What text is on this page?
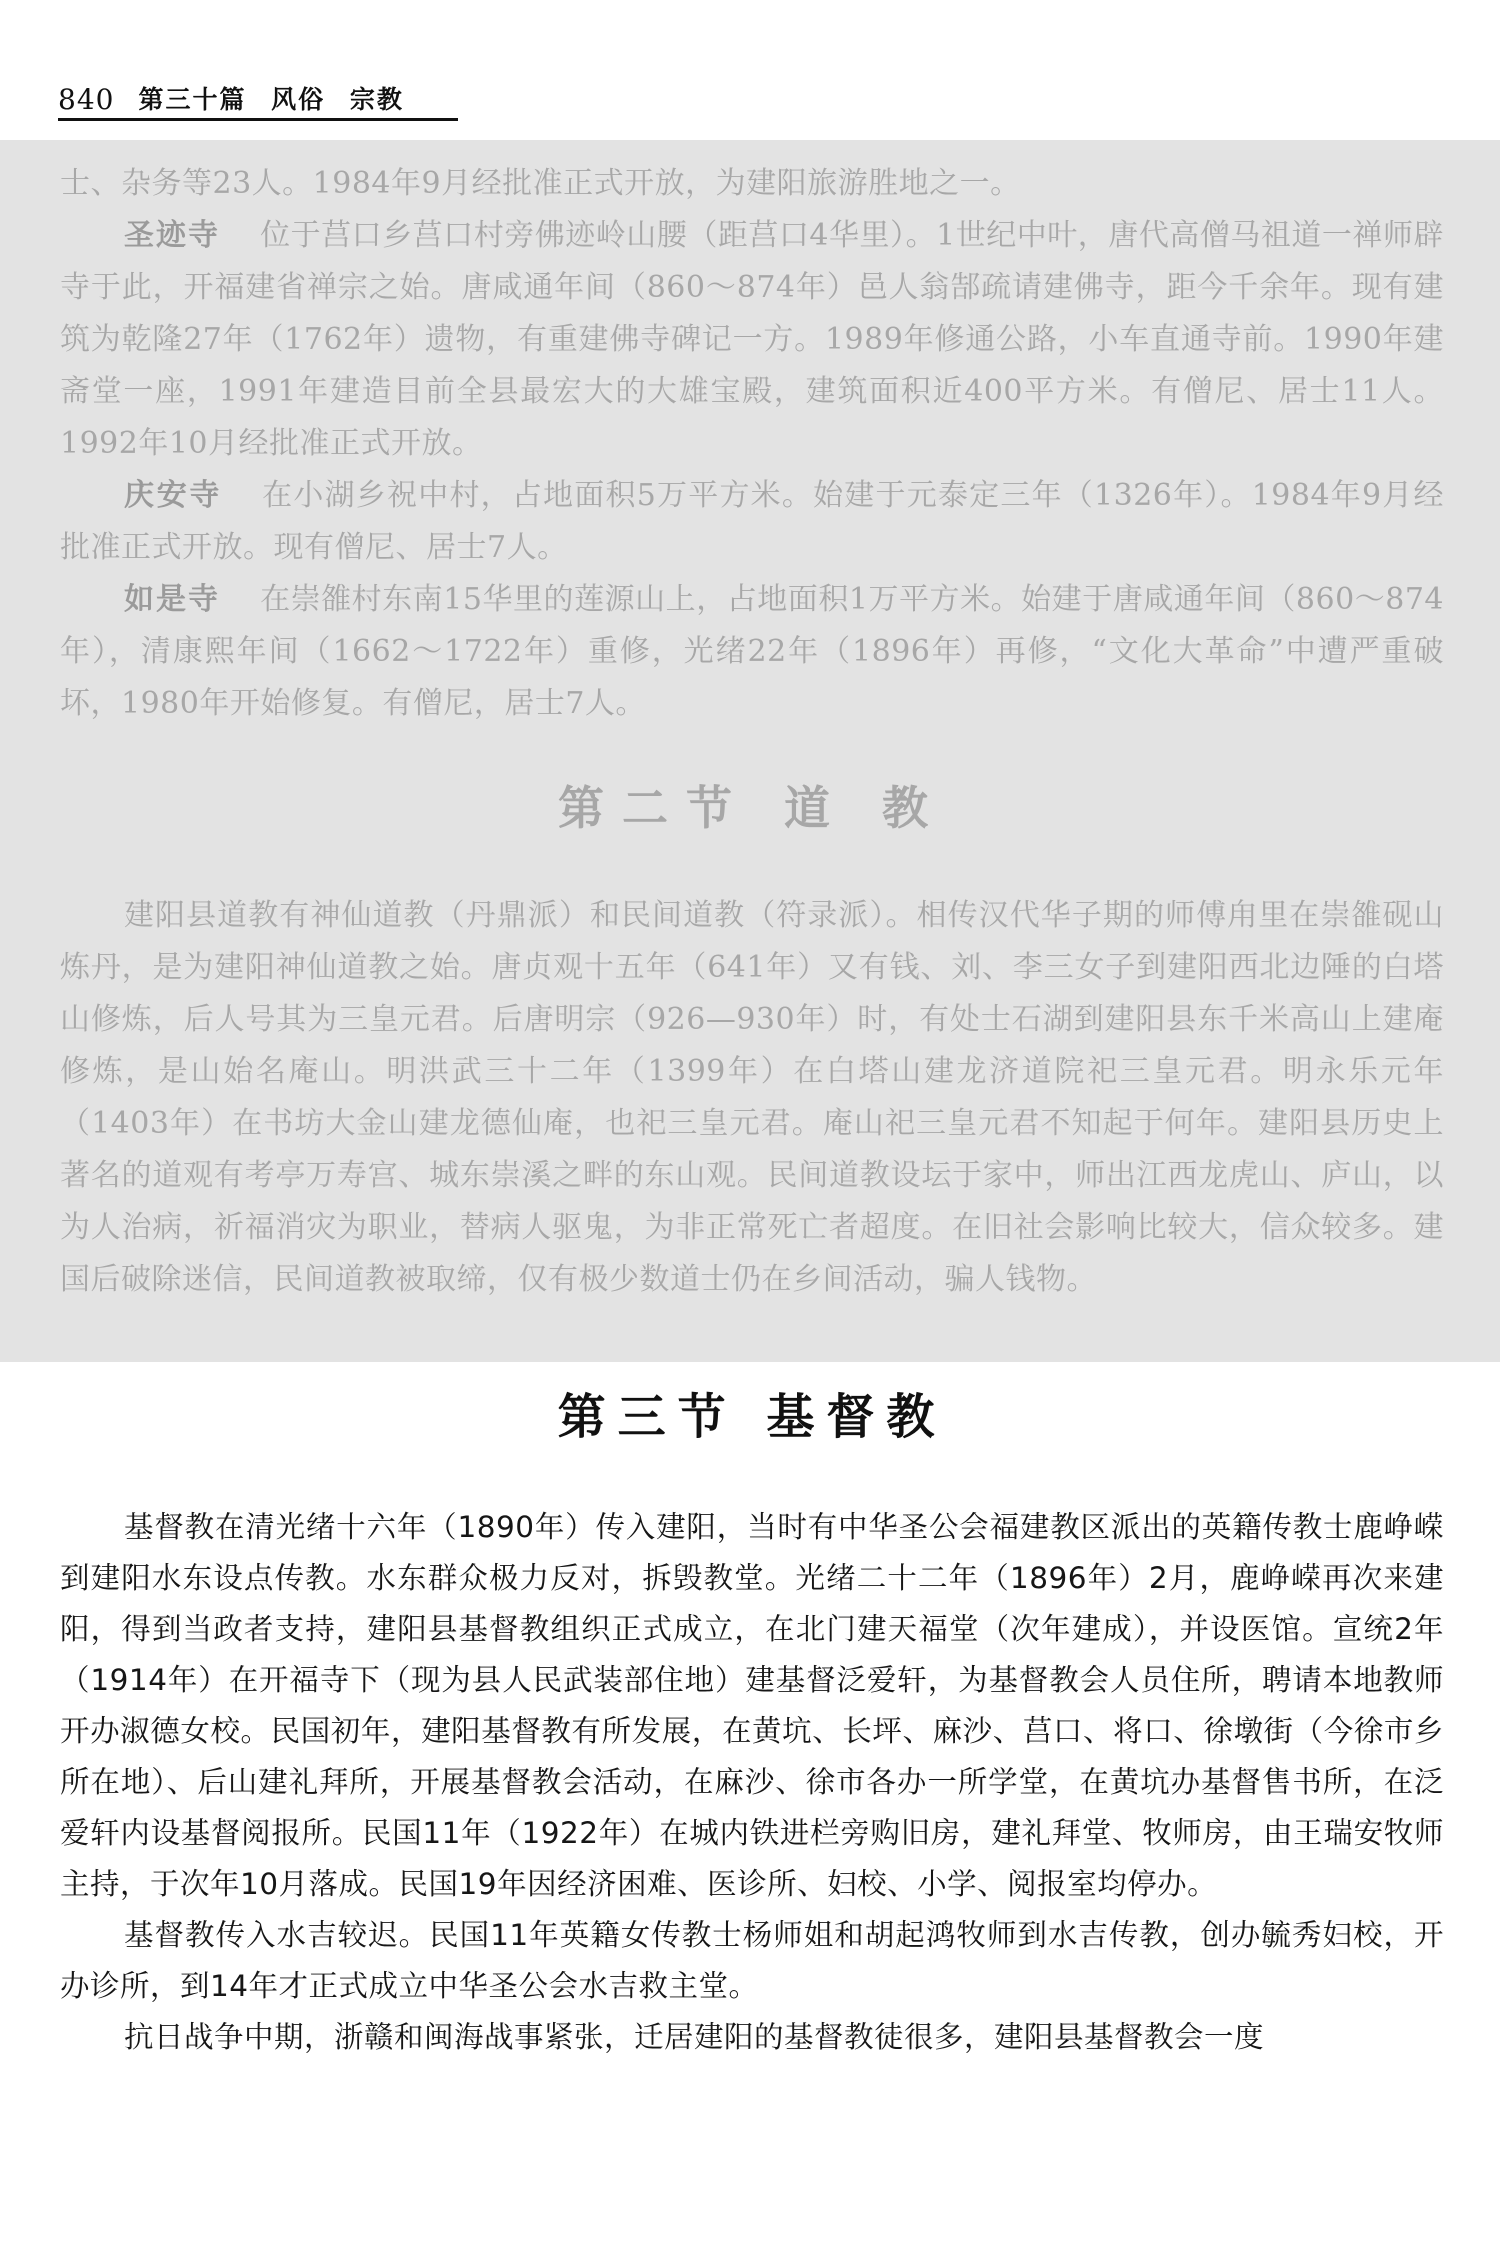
840 第三十篇 风俗 宗教

士、杂务等23人。1984年9月经批准正式开放，为建阳旅游胜地之一。

圣迹寺 位于莒口乡莒口村旁佛迹岭山腰（距莒口4华里）。1世纪中叶，唐代高僧马祖道一禅师辟寺于此，开福建省禅宗之始。唐咸通年间（860～874年）邑人翁郜疏请建佛寺，距今千余年。现有建筑为乾隆27年（1762年）遗物，有重建佛寺碑记一方。1989年修通公路，小车直通寺前。1990年建斋堂一座，1991年建造目前全县最宏大的大雄宝殿，建筑面积近400平方米。有僧尼、居士11人。1992年10月经批准正式开放。

庆安寺 在小湖乡祝中村，占地面积5万平方米。始建于元泰定三年（1326年）。1984年9月经批准正式开放。现有僧尼、居士7人。

如是寺 在崇雒村东南15华里的莲源山上，占地面积1万平方米。始建于唐咸通年间（860～874年），清康熙年间（1662～1722年）重修，光绪22年（1896年）再修，“文化大革命”中遭严重破坏，1980年开始修复。有僧尼，居士7人。

第二节 道 教

建阳县道教有神仙道教（丹鼎派）和民间道教（符录派）。相传汉代华子期的师傅甪里在崇雒砚山炼丹，是为建阳神仙道教之始。唐贞观十五年（641年）又有钱、刘、李三女子到建阳西北边陲的白塔山修炼，后人号其为三皇元君。后唐明宗（926—930年）时，有处士石湖到建阳县东千米高山上建庵修炼，是山始名庵山。明洪武三十二年（1399年）在白塔山建龙济道院祀三皇元君。明永乐元年（1403年）在书坊大金山建龙德仙庵，也祀三皇元君。庵山祀三皇元君不知起于何年。建阳县历史上著名的道观有考亭万寿宫、城东崇溪之畔的东山观。民间道教设坛于家中，师出江西龙虎山、庐山，以为人治病，祈福消灾为职业，替病人驱鬼，为非正常死亡者超度。在旧社会影响比较大，信众较多。建国后破除迷信，民间道教被取缔，仅有极少数道士仍在乡间活动，骗人钱物。

第三节 基督教

基督教在清光绪十六年（1890年）传入建阳，当时有中华圣公会福建教区派出的英籍传教士鹿峥嵘到建阳水东设点传教。水东群众极力反对，拆毁教堂。光绪二十二年（1896年）2月，鹿峥嵘再次来建阳，得到当政者支持，建阳县基督教组织正式成立，在北门建天福堂（次年建成），并设医馆。宣统2年（1914年）在开福寺下（现为县人民武装部住地）建基督泛爱轩，为基督教会人员住所，聘请本地教师开办淑德女校。民国初年，建阳基督教有所发展，在黄坑、长坪、麻沙、莒口、将口、徐墩街（今徐市乡所在地）、后山建礼拜所，开展基督教会活动，在麻沙、徐市各办一所学堂，在黄坑办基督售书所，在泛爱轩内设基督阅报所。民国11年（1922年）在城内铁进栏旁购旧房，建礼拜堂、牧师房，由王瑞安牧师主持，于次年10月落成。民国19年因经济困难、医诊所、妇校、小学、阅报室均停办。

基督教传入水吉较迟。民国11年英籍女传教士杨师姐和胡起鸿牧师到水吉传教，创办毓秀妇校，开办诊所，到14年才正式成立中华圣公会水吉救主堂。

抗日战争中期，浙赣和闽海战事紧张，迁居建阳的基督教徒很多，建阳县基督教会一度
